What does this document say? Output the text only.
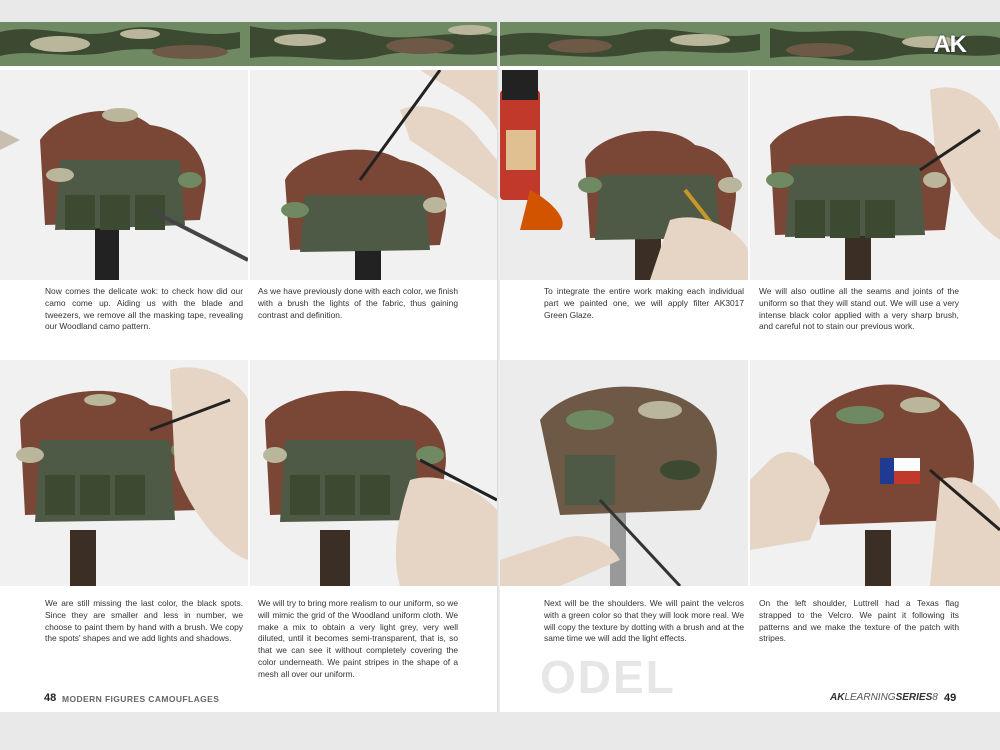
Now comes the delicate wok: to check how did our camo come up. Aiding us with the blade and tweezers, we remove all the masking tape, revealing our Woodland camo pattern.
As we have previously done with each color, we finish with a brush the lights of the fabric, thus gaining contrast and definition.
We are still missing the last color, the black spots. Since they are smaller and less in number, we choose to paint them by hand with a brush. We copy the spots' shapes and we add lights and shadows.
We will try to bring more realism to our uniform, so we will mimic the grid of the Woodland uniform cloth. We make a mix to obtain a very light grey, very well diluted, until it becomes semi-transparent, that is, so that we can see it without completely covering the color underneath. We paint stripes in the shape of a mesh all over our uniform.
48 MODERN FIGURES CAMOUFLAGES
AK
To integrate the entire work making each individual part we painted one, we will apply filter AK3017 Green Glaze.
We will also outline all the seams and joints of the uniform so that they will stand out. We will use a very intense black color applied with a very sharp brush, and careful not to stain our previous work.
Next will be the shoulders. We will paint the velcros with a green color so that they will look more real. We will copy the texture by dotting with a brush and at the same time we will add the light effects.
On the left shoulder, Luttrell had a Texas flag strapped to the Velcro. We paint it following its patterns and we make the texture of the patch with stripes.
ODEL	AKLEARNINGSERIES8 49
